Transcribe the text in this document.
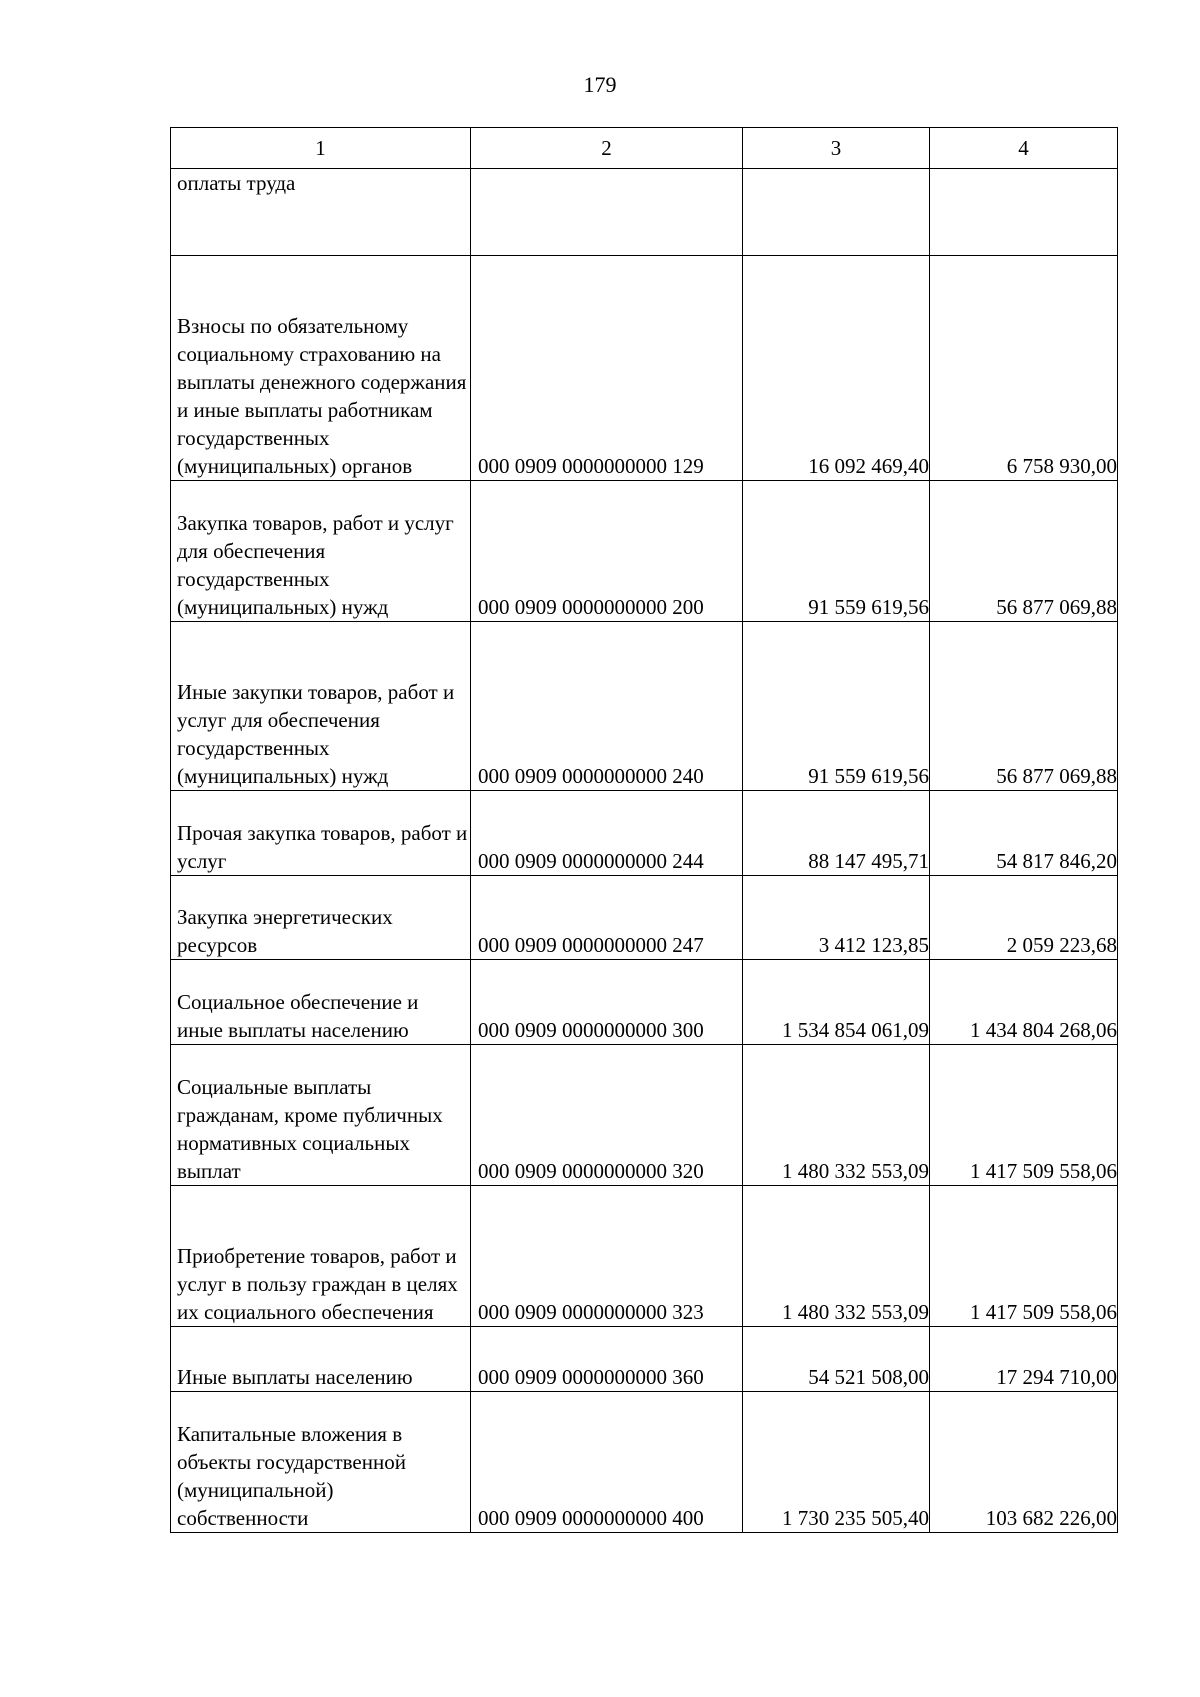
179
1	2	3	4
оплаты труда			
Взносы по обязательному социальному страхованию на выплаты денежного содержания и иные выплаты работникам государственных (муниципальных) органов	000 0909 0000000000 129	16 092 469,40	6 758 930,00
Закупка товаров, работ и услуг для обеспечения государственных (муниципальных) нужд	000 0909 0000000000 200	91 559 619,56	56 877 069,88
Иные закупки товаров, работ и услуг для обеспечения государственных (муниципальных) нужд	000 0909 0000000000 240	91 559 619,56	56 877 069,88
Прочая закупка товаров, работ и услуг	000 0909 0000000000 244	88 147 495,71	54 817 846,20
Закупка энергетических ресурсов	000 0909 0000000000 247	3 412 123,85	2 059 223,68
Социальное обеспечение и иные выплаты населению	000 0909 0000000000 300	1 534 854 061,09	1 434 804 268,06
Социальные выплаты гражданам, кроме публичных нормативных социальных выплат	000 0909 0000000000 320	1 480 332 553,09	1 417 509 558,06
Приобретение товаров, работ и услуг в пользу граждан в целях их социального обеспечения	000 0909 0000000000 323	1 480 332 553,09	1 417 509 558,06
Иные выплаты населению	000 0909 0000000000 360	54 521 508,00	17 294 710,00
Капитальные вложения в объекты государственной (муниципальной) собственности	000 0909 0000000000 400	1 730 235 505,40	103 682 226,00
